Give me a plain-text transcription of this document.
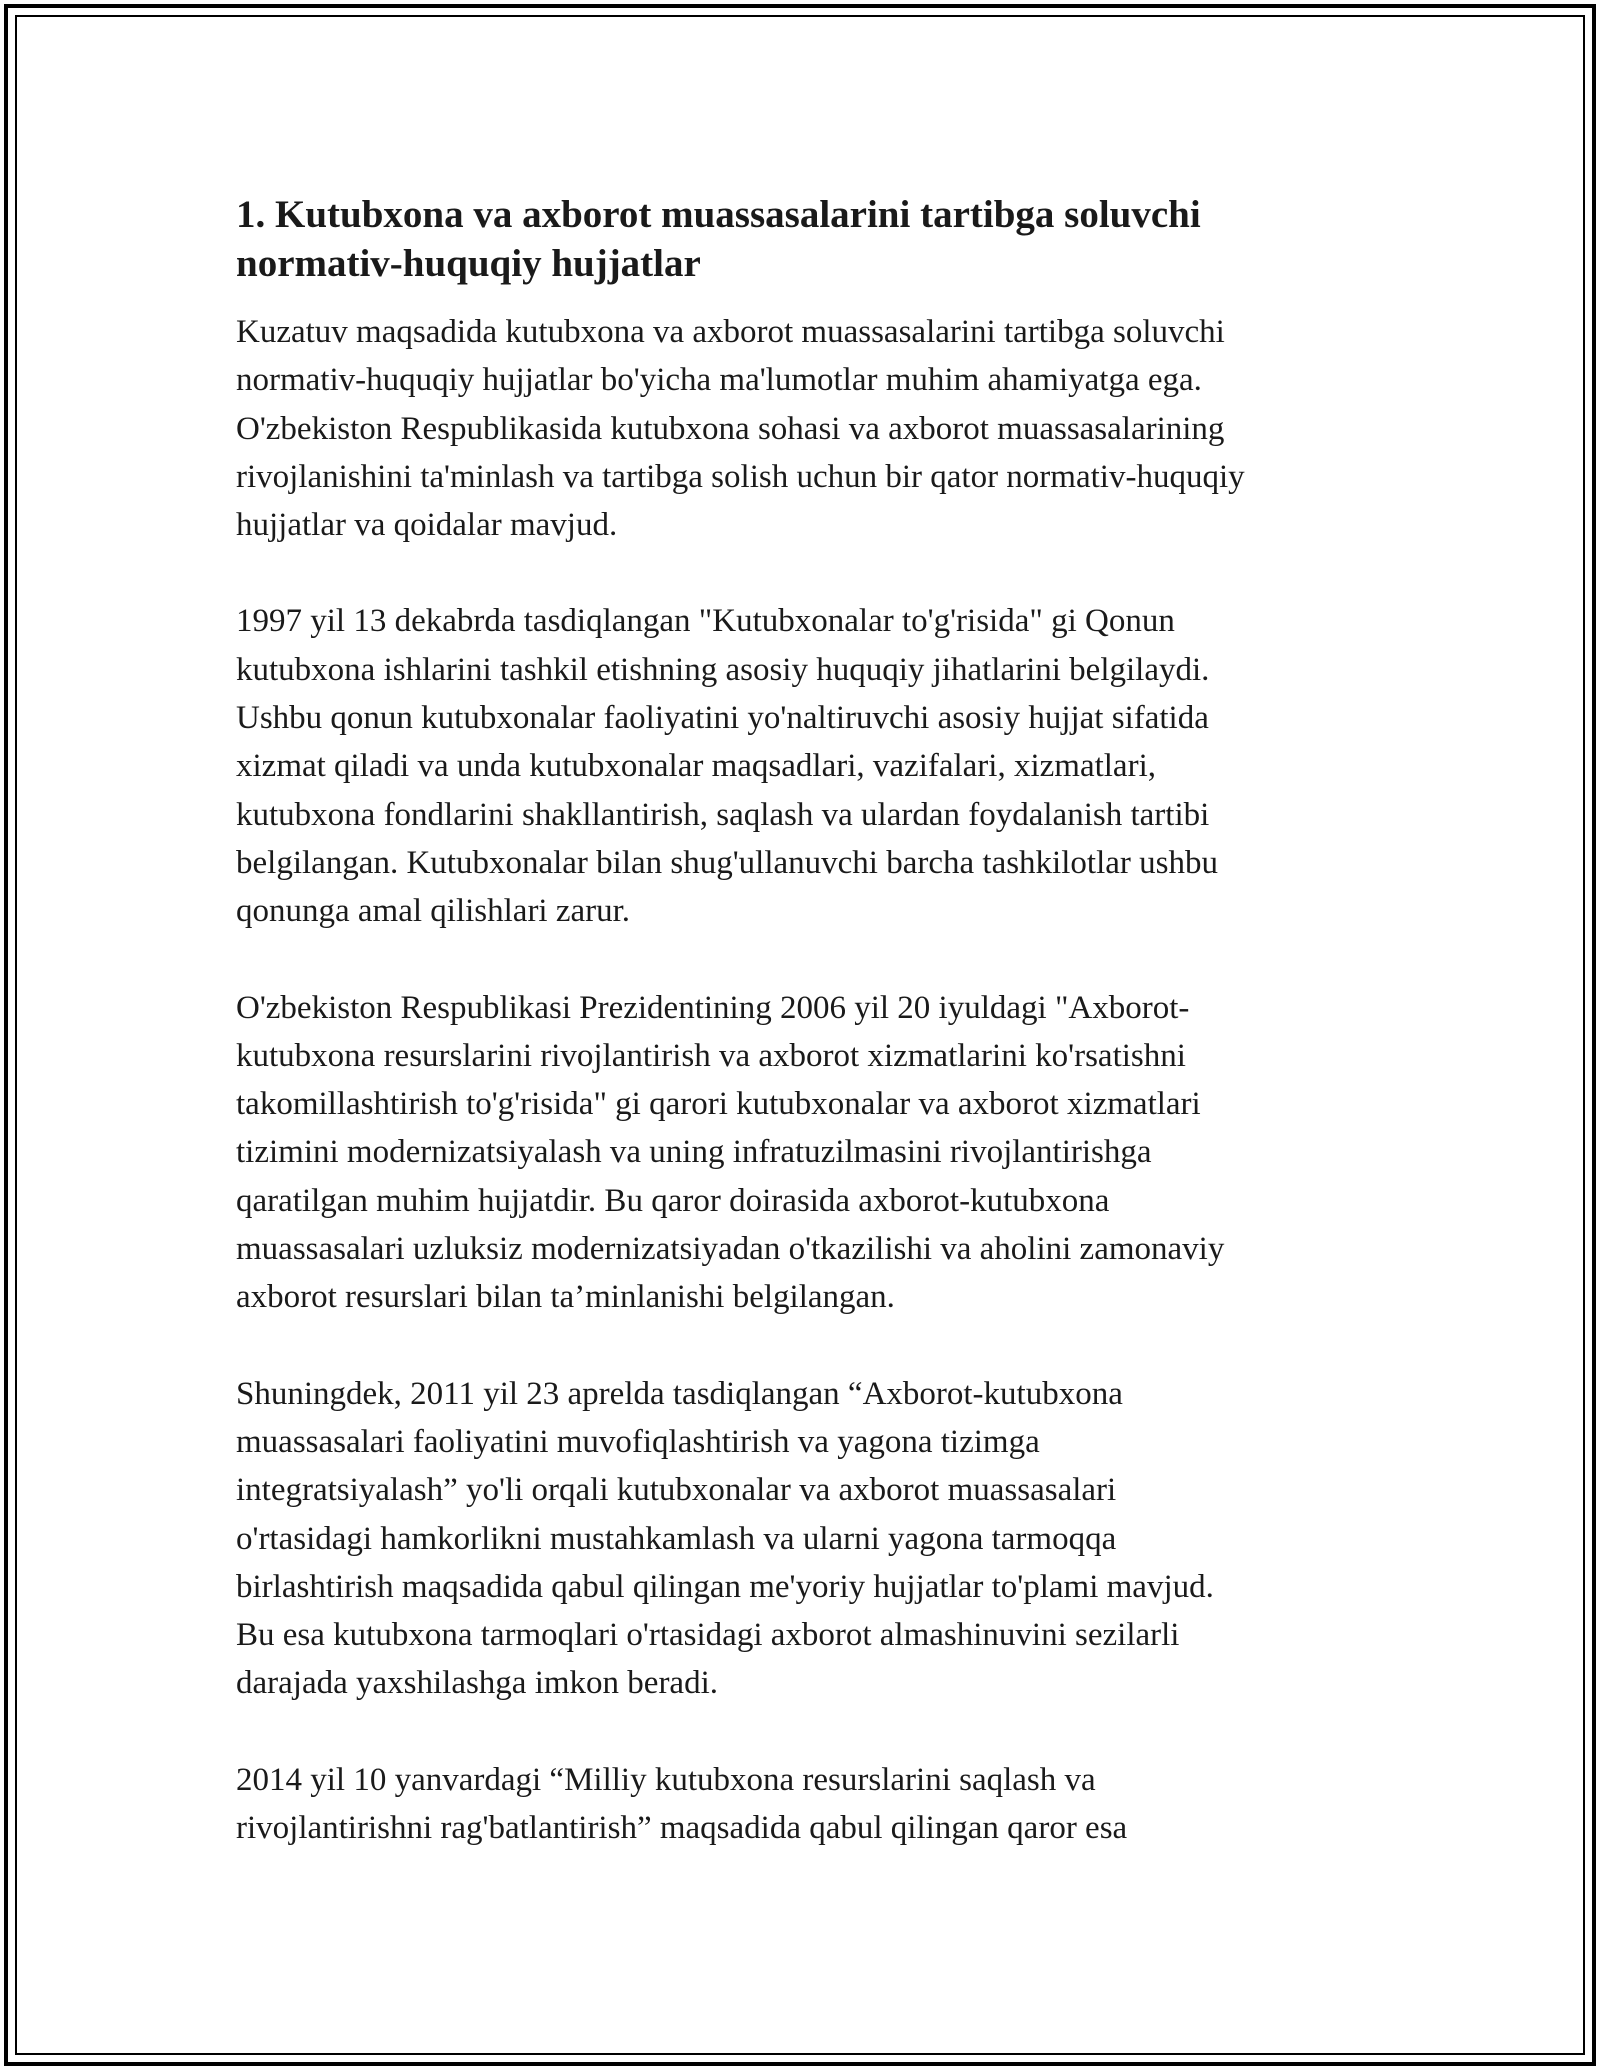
1. Kutubxona va axborot muassasalarini tartibga soluvchi
normativ-huquqiy hujjatlar

Kuzatuv maqsadida kutubxona va axborot muassasalarini tartibga soluvchi
normativ-huquqiy hujjatlar bo'yicha ma'lumotlar muhim ahamiyatga ega.
O'zbekiston Respublikasida kutubxona sohasi va axborot muassasalarining
rivojlanishini ta'minlash va tartibga solish uchun bir qator normativ-huquqiy
hujjatlar va qoidalar mavjud.

1997 yil 13 dekabrda tasdiqlangan "Kutubxonalar to'g'risida" gi Qonun
kutubxona ishlarini tashkil etishning asosiy huquqiy jihatlarini belgilaydi.
Ushbu qonun kutubxonalar faoliyatini yo'naltiruvchi asosiy hujjat sifatida
xizmat qiladi va unda kutubxonalar maqsadlari, vazifalari, xizmatlari,
kutubxona fondlarini shakllantirish, saqlash va ulardan foydalanish tartibi
belgilangan. Kutubxonalar bilan shug'ullanuvchi barcha tashkilotlar ushbu
qonunga amal qilishlari zarur.

O'zbekiston Respublikasi Prezidentining 2006 yil 20 iyuldagi "Axborot-
kutubxona resurslarini rivojlantirish va axborot xizmatlarini ko'rsatishni
takomillashtirish to'g'risida" gi qarori kutubxonalar va axborot xizmatlari
tizimini modernizatsiyalash va uning infratuzilmasini rivojlantirishga
qaratilgan muhim hujjatdir. Bu qaror doirasida axborot-kutubxona
muassasalari uzluksiz modernizatsiyadan o'tkazilishi va aholini zamonaviy
axborot resurslari bilan ta’minlanishi belgilangan.

Shuningdek, 2011 yil 23 aprelda tasdiqlangan “Axborot-kutubxona
muassasalari faoliyatini muvofiqlashtirish va yagona tizimga
integratsiyalash” yo'li orqali kutubxonalar va axborot muassasalari
o'rtasidagi hamkorlikni mustahkamlash va ularni yagona tarmoqqa
birlashtirish maqsadida qabul qilingan me'yoriy hujjatlar to'plami mavjud.
Bu esa kutubxona tarmoqlari o'rtasidagi axborot almashinuvini sezilarli
darajada yaxshilashga imkon beradi.

2014 yil 10 yanvardagi “Milliy kutubxona resurslarini saqlash va
rivojlantirishni rag'batlantirish” maqsadida qabul qilingan qaror esa
